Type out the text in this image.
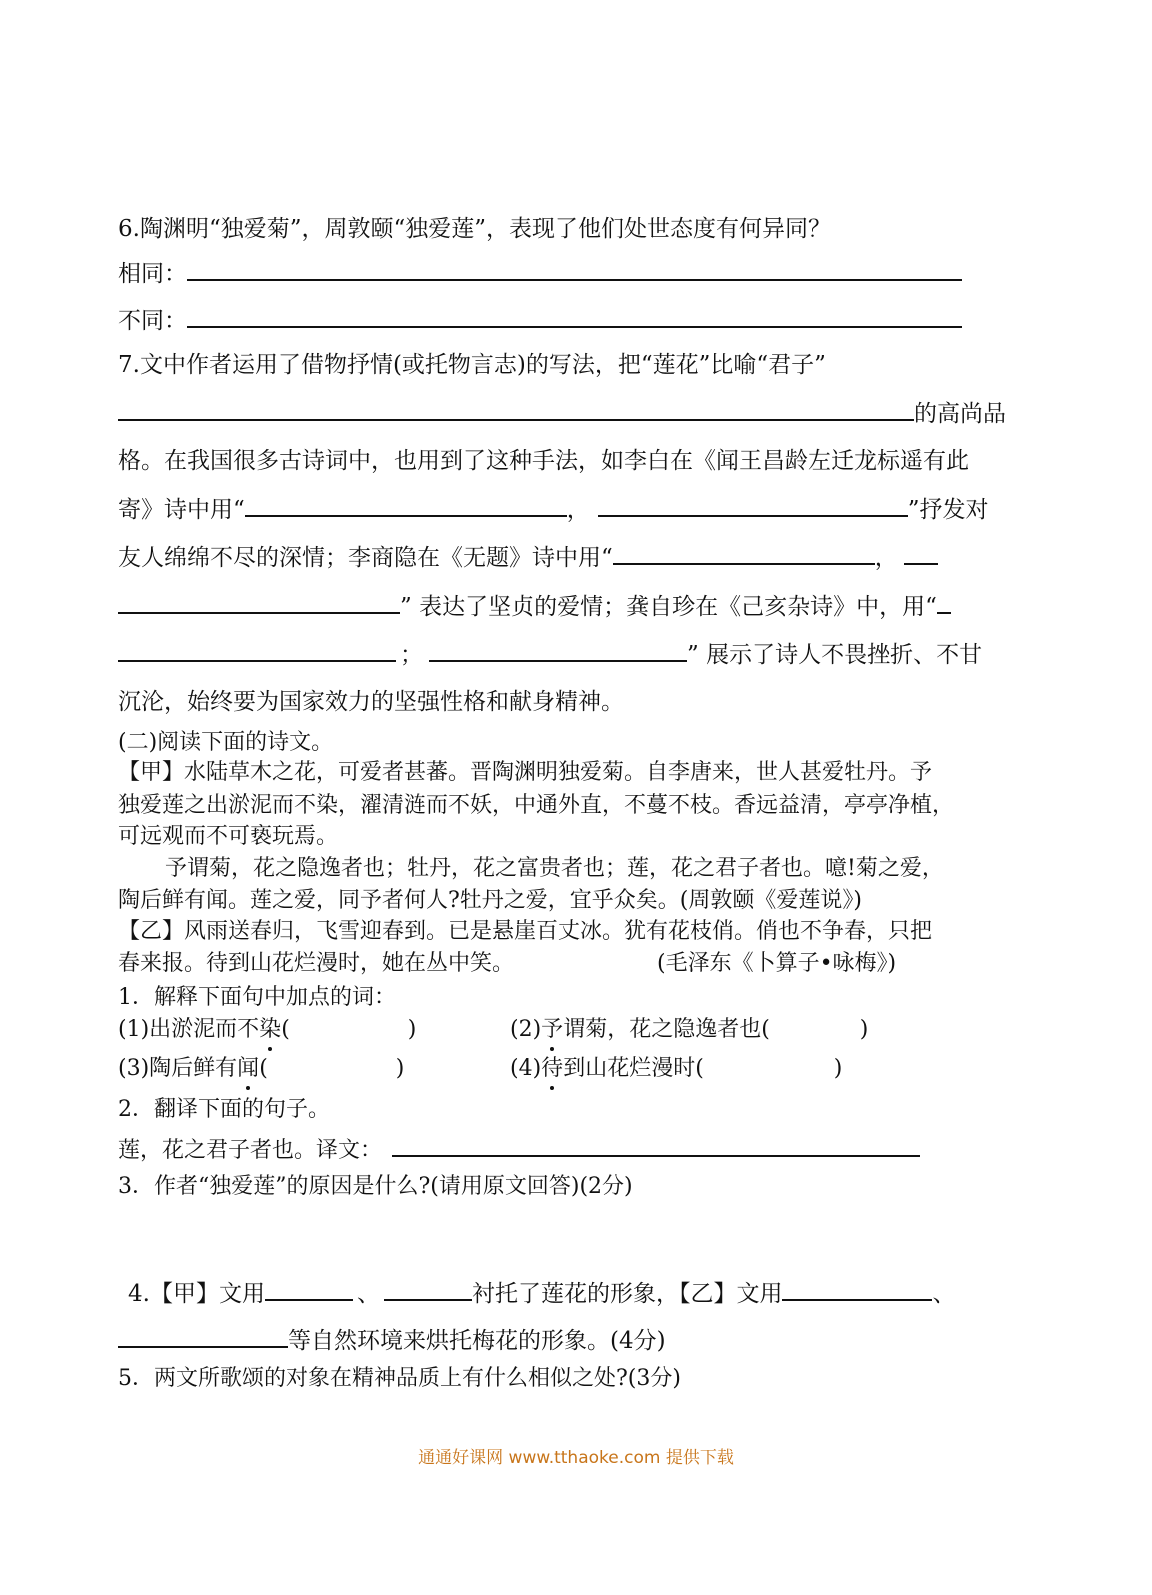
6.陶渊明“独爱菊”，周敦颐“独爱莲”，表现了他们处世态度有何异同？
相同：
不同：
7.文中作者运用了借物抒情(或托物言志)的写法，把“莲花”比喻“君子”
的高尚品
格。在我国很多古诗词中，也用到了这种手法，如李白在《闻王昌龄左迁龙标遥有此
寄》诗中用“	，	”抒发对
友人绵绵不尽的深情；李商隐在《无题》诗中用“	，
” 表达了坚贞的爱情；龚自珍在《己亥杂诗》中，用“
；	” 展示了诗人不畏挫折、不甘
沉沦，始终要为国家效力的坚强性格和献身精神。
(二)阅读下面的诗文。
【甲】水陆草木之花，可爱者甚蕃。晋陶渊明独爱菊。自李唐来，世人甚爱牡丹。予
独爱莲之出淤泥而不染，濯清涟而不妖，中通外直，不蔓不枝。香远益清，亭亭净植，
可远观而不可亵玩焉。
予谓菊，花之隐逸者也；牡丹，花之富贵者也；莲，花之君子者也。噫!菊之爱，
陶后鲜有闻。莲之爱，同予者何人?牡丹之爱，宜乎众矣。(周敦颐《爱莲说》)
【乙】风雨送春归，飞雪迎春到。已是悬崖百丈冰。犹有花枝俏。俏也不争春，只把
春来报。待到山花烂漫时，她在丛中笑。	(毛泽东《卜算子•咏梅》)
1．解释下面句中加点的词：
(1)出淤泥而不染(	)	(2)予谓菊，花之隐逸者也(	)
(3)陶后鲜有闻(	)	(4)待到山花烂漫时(	)
2．翻译下面的句子。
莲，花之君子者也。译文：
3．作者“独爱莲”的原因是什么?(请用原文回答)(2分)
4.【甲】文用	、	衬托了莲花的形象，【乙】文用	、
等自然环境来烘托梅花的形象。(4分)
5．两文所歌颂的对象在精神品质上有什么相似之处?(3分)
通通好课网 www.tthaoke.com 提供下载
